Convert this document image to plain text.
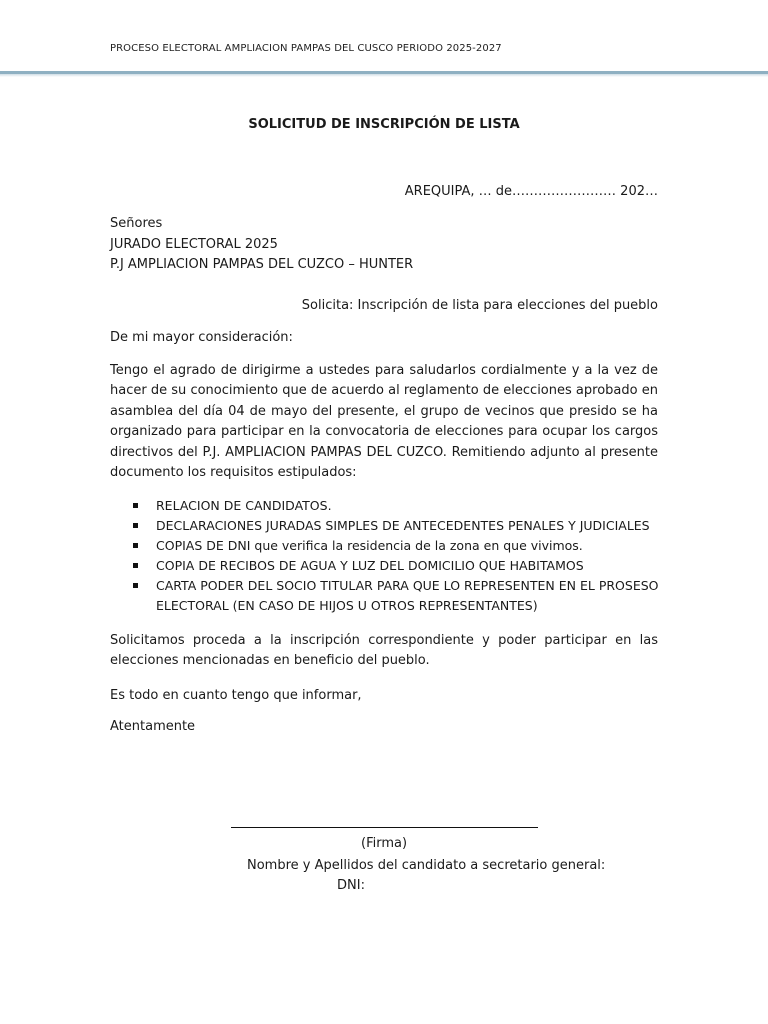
PROCESO ELECTORAL AMPLIACION PAMPAS DEL CUSCO PERIODO 2025-2027
SOLICITUD DE INSCRIPCIÓN DE LISTA
AREQUIPA, … de…………………… 202…
Señores
JURADO ELECTORAL 2025
P.J AMPLIACION PAMPAS DEL CUZCO – HUNTER
Solicita: Inscripción de lista para elecciones del pueblo
De mi mayor consideración:
Tengo el agrado de dirigirme a ustedes para saludarlos cordialmente y a la vez de hacer de su conocimiento que de acuerdo al reglamento de elecciones aprobado en asamblea del día 04 de mayo del presente, el grupo de vecinos que presido se ha organizado para participar en la convocatoria de elecciones para ocupar los cargos directivos del P.J. AMPLIACION PAMPAS DEL CUZCO. Remitiendo adjunto al presente documento los requisitos estipulados:
RELACION DE CANDIDATOS.
DECLARACIONES JURADAS SIMPLES DE ANTECEDENTES PENALES Y JUDICIALES
COPIAS DE DNI que verifica la residencia de la zona en que vivimos.
COPIA DE RECIBOS DE AGUA Y LUZ DEL DOMICILIO QUE HABITAMOS
CARTA PODER DEL SOCIO TITULAR PARA QUE LO REPRESENTEN EN EL PROSESO ELECTORAL (EN CASO DE HIJOS U OTROS REPRESENTANTES)
Solicitamos proceda a la inscripción correspondiente y poder participar en las elecciones mencionadas en beneficio del pueblo.
Es todo en cuanto tengo que informar,
Atentamente
(Firma)
Nombre y Apellidos del candidato a secretario general:
DNI:
